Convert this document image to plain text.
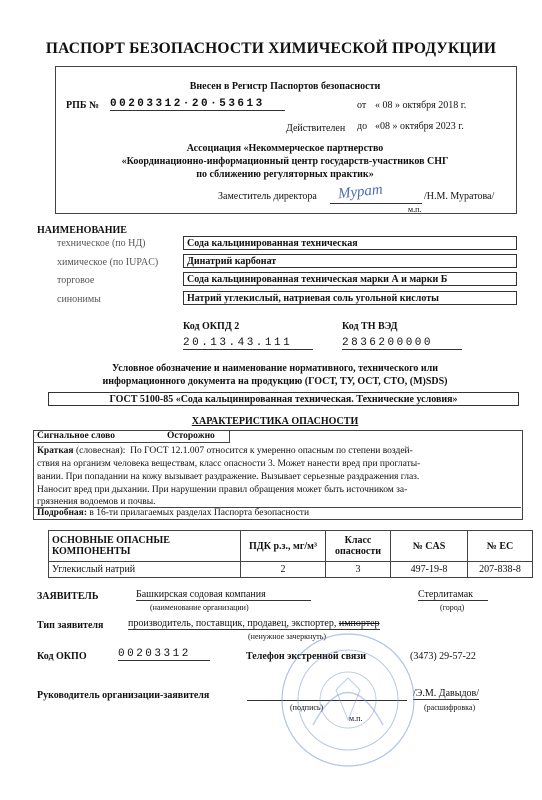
ПАСПОРТ БЕЗОПАСНОСТИ ХИМИЧЕСКОЙ ПРОДУКЦИИ
Внесен в Регистр Паспортов безопасности
РПБ № 00203312·20·53613	от « 08 » октября 2018 г.
Действителен до «08 » октября 2023 г.
Ассоциация «Некоммерческое партнерство
«Координационно-информационный центр государств-участников СНГ
по сближению регуляторных практик»
Заместитель директора Мурат	/Н.М. Муратова/
м.п.
НАИМЕНОВАНИЕ
техническое (по НД)	Сода кальцинированная техническая
химическое (по IUPAC)	Динатрий карбонат
торговое	Сода кальцинированная техническая марки А и марки Б
синонимы	Натрий углекислый, натриевая соль угольной кислоты
Код ОКПД 2
20.13.43.111
Код ТН ВЭД
2836200000
Условное обозначение и наименование нормативного, технического или
информационного документа на продукцию (ГОСТ, ТУ, ОСТ, СТО, (M)SDS)
ГОСТ 5100-85 «Сода кальцинированная техническая. Технические условия»
ХАРАКТЕРИСТИКА ОПАСНОСТИ
Сигнальное слово	Осторожно
Краткая (словесная): По ГОСТ 12.1.007 относится к умеренно опасным по степени воздей-
ствия на организм человека веществам, класс опасности 3. Может нанести вред при проглаты-
вании. При попадании на кожу вызывает раздражение. Вызывает серьезные раздражения глаз.
Наносит вред при дыхании. При нарушении правил обращения может быть источником за-
грязнения водоемов и почвы.
Подробная: в 16-ти прилагаемых разделах Паспорта безопасности
ОСНОВНЫЕ ОПАСНЫЕ КОМПОНЕНТЫ	ПДК р.з., мг/м³	Класс опасности	№ CAS	№ ЕС
Углекислый натрий	2	3	497-19-8	207-838-8
ЗАЯВИТЕЛЬ	Башкирская содовая компания
(наименование организации)
Стерлитамак
(город)
Тип заявителя производитель, поставщик, продавец, экспортер, импортер
(ненужное зачеркнуть)
Код ОКПО	00203312	Телефон экстренной связи	(3473) 29-57-22
Руководитель организации-заявителя	/Э.М. Давыдов/
(подпись)	(расшифровка)
м.п.
